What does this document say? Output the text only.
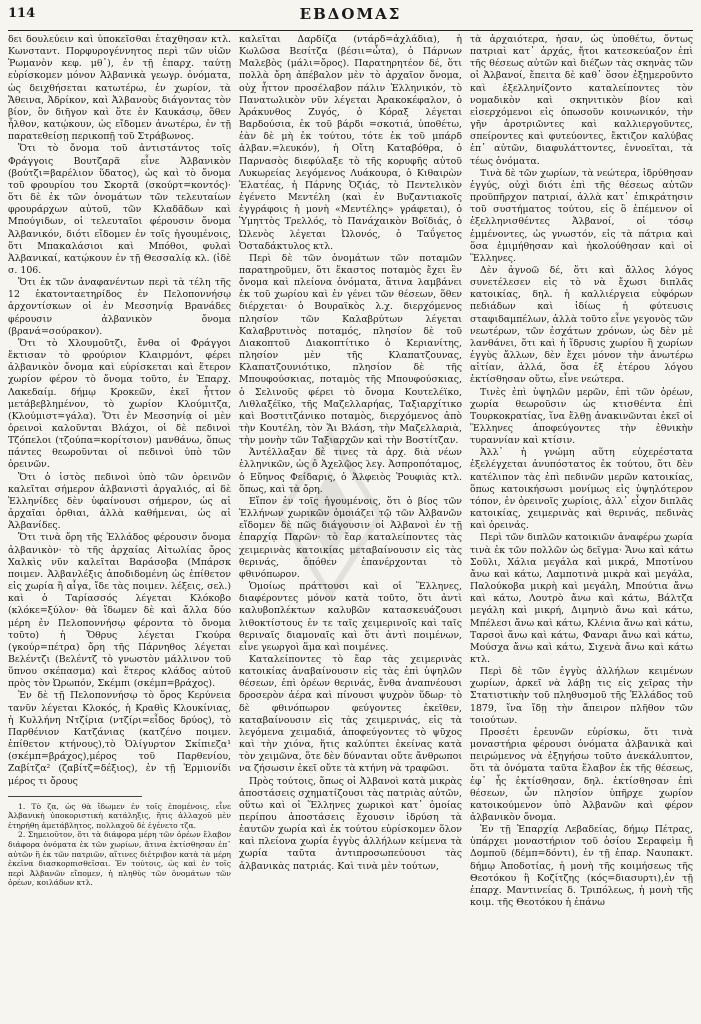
114	ΕΒΔΟΜΑΣ

δει δουλεύειν καὶ ὑποκεῖσθαι ἐταχθησαν κτλ. Κωνσταντ. Πορφυρογέννητος περὶ τῶν υἱῶν Ῥωμανὸν κεφ. μθ᾽), ἐν τῇ ἐπαρχ. ταύτῃ εὑρίσκομεν μόνον Ἀλβανικὰ γεωγρ. ὀνόματα, ὡς δειχθήσεται κατωτέρω, ἐν χωρίον, τὰ Ἄθεινα, Ἀδρίκον, καὶ Ἀλβανοὺς διάγοντας τὸν βίον, ὃν διῆγον καὶ ὅτε ἐν Καυκάσῳ, ὅθεν ἦλθον, κατῴκουν, ὡς εἴδομεν ἀνωτέρω, ἐν τῇ παρατεθείσῃ περικοπῇ τοῦ Στράβωνος.

Ὅτι τὸ ὄνομα τοῦ ἀντιστάντος τοῖς Φράγγοις Βουτζαρᾶ εἶνε Ἀλβανικὸν (βούτζι=βαρέλιον ὕδατος), ὡς καὶ τὸ ὄνομα τοῦ φρουρίου του Σκορτᾶ (σκούρτ=κοντός)· ὅτι δὲ ἐκ τῶν ὀνομάτων τῶν τελευταίων φρουράρχων αὐτοῦ, τῶν Κλαδᾶδων καὶ Μπούγιδων, οἱ τελευταῖοι φέρουσιν ὄνομα Ἀλβανικόν, διότι εἴδομεν ἐν τοῖς ἡγουμένοις, ὅτι Μπακαλάσιοι καὶ Μπόθοι, φυλαὶ Ἀλβανικαί, κατῴκουν ἐν τῇ Θεσσαλίᾳ κλ. (ἰδὲ σ. 106.

Ὅτι ἐκ τῶν ἀναφανέντων περὶ τὰ τέλη τῆς 12 ἑκατονταετηρίδος ἐν Πελοποννήσῳ ἀρχοντίσκων οἱ ἐν Μεσσηνίᾳ Βρανάδες φέρουσιν ἀλβανικὸν ὄνομα (βρανά=σούρακον).

Ὅτι τὸ Χλουμοῦτζι, ἔνθα οἱ Φράγγοι ἔκτισαν τὸ φρούριον Κλαιρμόντ, φέρει ἀλβανικὸν ὄνομα καὶ εὑρίσκεται καὶ ἕτερον χωρίον φέρον τὸ ὄνομα τοῦτο, ἐν Ἐπαρχ. Λακεδαίμ. δήμῳ Κροκεῶν, ἐκεῖ ἦττον μετάβεβλημένον, τὸ χωρίον Κλούμιτζα, (Κλούμιστ=γάλα). Ὅτι ἐν Μεσσηνίᾳ οἱ μὲν ὀρεινοὶ καλοῦνται Βλάχοι, οἱ δὲ πεδινοὶ Τζόπελοι (τζούπα=κορίτσιον) μανθάνω, ὅπως πάντες θεωροῦνται οἱ πεδινοὶ ὑπὸ τῶν ὀρεινῶν.

Ὅτι ὁ ἰστὸς πεδινοὶ ὑπὸ τῶν ὀρεινῶν καλεῖται σήμερον ἀλβανιστὶ ἀργαλιός, αἱ δὲ Ἑλληνίδες δὲν ὑφαίνουσι σήμερον, ὡς αἱ ἀρχαῖαι ὀρθιαι, ἀλλὰ καθήμεναι, ὡς αἱ Ἀλβανίδες.

Ὅτι τινὰ ὄρη τῆς Ἑλλάδος φέρουσιν ὄνομα ἀλβανικὸν· τὸ τῆς ἀρχαίας Αἰτωλίας ὄρος Χαλκὶς νῦν καλεῖται Βαράσοβα (Μπάρσκ ποιμεν. Ἀλβανλέξις ἀποδιδομένη ὡς ἐπίθετον εἰς χωρία ἢ αἶγα, ἴδε τὰς ποιμεν. λέξεις, σελ.) καὶ ὁ Ταρίασσός λέγεται Κλόκοβο (κλόκε=ξύλον· θὰ ἴδωμεν δὲ καὶ ἄλλα δύο μέρη ἐν Πελοποννήσῳ φέροντα τὸ ὄνομα τοῦτο) ἡ Ὄθρυς λέγεται Γκούρα (γκούρ=πέτρα) ὄρη τῆς Πάρνηθος λέγεται Βελέντζι (Βελέντζ τὸ γνωστὸν μάλλινον τοῦ ὕπνου σκέπασμα) καὶ ἕτερος κλάδος αὐτοῦ πρὸς τὸν Ὠρωπόν, Σκέμπι (σκέμπ=βράχος).

Ἐν δὲ τῇ Πελοποννήσῳ τὸ ὄρος Κερύνεια τανῦν λέγεται Κλοκός, ἡ Κραθὶς Κλουκίνιας, ἡ Κυλλήνη Ντζίρια (ντζίρι=εἶδος δρύος), τὸ Παρθένιον Κατζάνιας (κατζένο ποιμεν. ἐπίθετον κτήνους),τὸ Ὀλίγυρτον Σκίπιεζα¹ (σκέμπ=βράχος),μέρος τοῦ Παρθενίου, Ζαβίτζα² (ζαβίτζ=δέξιος), ἐν τῇ Ἑρμιονίδι μέρος τι ὄρους

1. Τὸ ζα, ὡς θὰ ἴδωμεν ἐν τοῖς ἑπομένοις, εἶνε Ἀλβανικὴ ὑποκοριστικὴ κατάληξις, ἥτις ἀλλαχοῦ μὲν ἐτηρήθη ἀμετάβλητος, πολλαχοῦ δὲ ἐγένετο τζα.

2. Σημειοῦτον, ὅτι τὰ διάφορα μέρη τῶν ὀρέων ἔλαβον διάφορα ὀνόματα ἐκ τῶν χωρίων, ἅτινα ἐκτίσθησαν ἐπ᾽ αὐτῶν ἢ ἐκ τῶν πατριῶν, αἵτινες διέτριβον κατὰ τὰ μέρη ἐκεῖνα διασκορπισθεῖσαι. Ἐν τούτοις, ὡς καὶ ἐν τοῖς περὶ Ἀλβανῶν εἴπομεν, ἡ πληθὺς τῶν ὀνομάτων τῶν ὀρέων, κοιλάδων κτλ.

καλεῖται Δαρδίζα (ντάρδ=ἀχλάδια), ἡ Κωλῶσα Βεσίτζα (βέσιι=ὦτα), ὁ Πάρνων Μαλεβὸς (μάλι=ὄρος). Παρατηρητέον δέ, ὅτι πολλὰ ὄρη ἀπέβαλον μὲν τὸ ἀρχαῖον ὄνομα, οὐχ ἧττον προσέλαβον πάλιν Ἑλληνικόν, τὸ Πανατωλικὸν νῦν λέγεται Ἀρακοκέφαλον, ὁ Ἀράκυνθος Ζυγός, ὁ Κόραξ λέγεται Βαρδούσια, ἐκ τοῦ βάρδι =σκοτιά, ὑποθέτω, ἐὰν δὲ μὴ ἐκ τούτου, τότε ἐκ τοῦ μπάρδ ἀλβαν.=λευκόν), ἡ Οἴτη Καταβόθρα, ὁ Παρνασὸς διεφύλαξε τὸ τῆς κορυφῆς αὐτοῦ Λυκωρείας λεγόμενος Λυάκουρα, ὁ Κιθαιρὼν Ἐλατέας, ἡ Πάρνης Ὀζιάς, τὸ Πεντελικὸν ἐγένετο Μεντέλη (καὶ ἐν Βυζαντιακοῖς ἐγγράφοις ἡ μονὴ «Μεντέλης» γράφεται), ὁ Ὑμηττὸς Τρελλός, τὸ Πανάχαικὸν Βοϊδιάς, ὁ Ὠλενὸς λέγεται Ὠλονός, ὁ Ταΰγετος Ὀσταδάκτυλος κτλ.

Περὶ δὲ τῶν ὀνομάτων τῶν ποταμῶν παρατηροῦμεν, ὅτι ἕκαστος ποταμὸς ἔχει ἓν ὄνομα καὶ πλείονα ὀνόματα, ἅτινα λαμβάνει ἐκ τοῦ χωρίου καὶ ἐν γένει τῶν θέσεων, ὅθεν διέρχεται· ὁ Βουραϊκὸς λ.χ. διερχόμενος πλησίον τῶν Καλαβρύτων λέγεται Καλαβρυτινὸς ποταμός, πλησίον δὲ τοῦ Διακοπτοῦ Διακοπτίτικο ὁ Κεριανίτης, πλησίον μὲν τῆς Κλαπατζουνας, Κλαπατζουνιότικο, πλησίον δὲ τῆς Μπουφούσκιας, ποταμὸς τῆς Μπουφούσκιας, ὁ Σελινοῦς φέρει τὸ ὄνομα Κουτελέϊκο, Λιθλαξέϊκο, τῆς Μαζελλαρήας, Ταξιαρχίτικο καὶ Βοστιτζάνικο ποταμὸς, διερχόμενος ἀπὸ τὴν Κουτέλη, τὸν Ἅι Βλάση, τὴν Μαζελλαριὰ, τὴν μονὴν τῶν Ταξιαρχῶν καὶ τὴν Βοστίτζαν.

Ἀντέλλαξαν δὲ τινες τὰ ἀρχ. διὰ νέων ἑλληνικῶν, ὡς ὁ Ἀχελῷος λεγ. Ἀσπροπόταμος, ὁ Εὔηνος Φείδαρις, ὁ Ἀλφειὸς Ῥουφιὰς κτλ. ὅπως, καὶ τὰ ὄρη.

Εἴπον ἐν τοῖς ἡγουμένοις, ὅτι ὁ βίος τῶν Ἑλλήνων χωρικῶν ὁμοιάζει τῷ τῶν Ἀλβανῶν εἴδομεν δὲ πῶς διάγουσιν οἱ Ἀλβανοὶ ἐν τῇ ἐπαρχίᾳ Παρῶν· τὸ ἔαρ καταλείποντες τὰς χειμερινὰς κατοικίας μεταβαίνουσιν εἰς τὰς θερινάς, ὁπόθεν ἐπανέρχονται τὸ φθινόπωρον.

Ὁμοίως πράττουσι καὶ οἱ Ἕλληνες, διαφέροντες μόνον κατὰ τοῦτο, ὅτι ἀντὶ καλυβοπλέκτων καλυβῶν κατασκευάζουσι λιθοκτίστους ἐν τε ταῖς χειμερινοῖς καὶ ταῖς θεριναῖς διαμοναῖς καὶ ὅτι ἀντὶ ποιμένων, εἶνε γεωργοὶ ἅμα καὶ ποιμένες.

Καταλείποντες τὸ ἔαρ τὰς χειμερινὰς κατοικίας ἀναβαίνουσιν εἰς τὰς ἐπὶ ὑψηλῶν θέσεων, ἐπὶ ὀρέων θερινάς, ἔνθα ἀναπνέουσι δροσερὸν ἀέρα καὶ πίνουσι ψυχρὸν ὕδωρ· τὸ δὲ φθινόπωρον φεύγοντες ἐκεῖθεν, καταβαίνουσιν εἰς τὰς χειμερινάς, εἰς τὰ λεγόμενα χειμαδιά, ἀποφεύγοντες τὸ ψῦχος καὶ τὴν χιόνα, ἥτις καλύπτει ἐκείνας κατὰ τὸν χειμῶνα, ὅτε δὲν δύνανται οὔτε ἄνθρωποι να ζήσωσιν ἐκεῖ οὔτε τὰ κτήνη νὰ τραφῶσι.

Πρὸς τούτοις, ὅπως οἱ Ἀλβανοὶ κατὰ μικρὰς ἀποστάσεις σχηματίζουσι τὰς πατριὰς αὐτῶν, οὕτω καὶ οἱ Ἕλληνες χωρικοὶ κατ᾽ ὁμοίας περίπου ἀποστάσεις ἔχουσιν ἱδρύση τὰ ἑαυτῶν χωρία καὶ ἐκ τούτου εὑρίσκομεν ὅλον καὶ πλείονα χωρία ἐγγὺς ἀλλήλων κείμενα τὰ χωρία ταῦτα ἀντιπροσωπεύουσι τὰς ἀλβανικὰς πατριάς. Καὶ τινὰ μὲν τούτων,

τὰ ἀρχαιότερα, ἦσαν, ὡς ὑποθέτω, ὄντως πατριαὶ κατ᾽ ἀρχάς, ἤτοι κατεσκεύαζον ἐπὶ τῆς θέσεως αὐτῶν καὶ διέζων τὰς σκηνὰς τῶν οἱ Ἀλβανοί, ἔπειτα δὲ καθ᾽ ὅσον ἐξημεροῦντο καὶ ἐξελληνίζοντο καταλείποντες τὸν νομαδικὸν καὶ σκηνιτικὸν βίον καὶ εἰσερχόμενοι εἰς ὁπωσοῦν κοινωνικόν, τὴν γῆν ἀροτριῶντες καὶ καλλιεργοῦντες, σπείροντες καὶ φυτεύοντες, ἔκτιζον καλύβας ἐπ᾽ αὐτῶν, διαφυλάττοντες, ἐννοεῖται, τὰ τέως ὀνόματα.

Τινὰ δὲ τῶν χωρίων, τὰ νεώτερα, ἱδρύθησαν ἐγγύς, οὐχὶ διότι ἐπὶ τῆς θέσεως αὐτῶν προϋπῆρχον πατριαί, ἀλλὰ κατ᾽ ἐπικράτησιν τοῦ συστήματος τούτου, εἰς ὃ ἐπέμενον οἱ ἐξελληνισθέντες Ἀλβανοί, οἱ τόσῳ ἐμμένοντες, ὡς γνωστόν, εἰς τὰ πάτρια καὶ ὅσα ἐμιμήθησαν καὶ ἠκολούθησαν καὶ οἱ Ἕλληνες.

Δὲν ἀγνοῶ δέ, ὅτι καὶ ἄλλος λόγος συνετέλεσεν εἰς τὸ νὰ ἔχωσι διπλᾶς κατοικίας, δηλ. ἡ καλλιέργεια εὐφόρων πεδιάδων καὶ ἰδίως ἡ φύτευσις σταφιδαμπέλων, ἀλλὰ τοῦτο εἶνε γεγονὸς τῶν νεωτέρων, τῶν ἐσχάτων χρόνων, ὡς δὲν μὲ λανθάνει, ὅτι καὶ ἡ ἵδρυσις χωρίου ἢ χωρίων ἐγγὺς ἄλλων, δὲν ἔχει μόνον τὴν ἀνωτέρω αἰτίαν, ἀλλά, ὅσα ἐξ ἑτέρου λόγου ἐκτίσθησαν οὕτω, εἶνε νεώτερα.

Τινὲς ἐπὶ ὑψηλῶν μερῶν, ἐπὶ τῶν ὀρέων, χωρία θεωροῦσιν ὡς κτισθέντα ἐπὶ Τουρκοκρατίας, ἵνα ἔλθῃ ἀνακινῶνται ἐκεῖ οἱ Ἕλληνες ἀποφεύγοντες τὴν ἐθνικὴν τυραννίαν καὶ κτίσιν.

Ἀλλ᾽ ἡ γνώμη αὕτη εὐχερέστατα ἐξελέγχεται ἀνυπόστατος ἐκ τούτου, ὅτι δὲν κατέλιπον τὰς ἐπὶ πεδινῶν μερῶν κατοικίας, ὅπως κατοικήσωσι μονίμως εἰς ὑψηλότερον τόπον, ἐν ὀρεινοῖς χωρίοις, ἀλλ᾽ εἶχον διπλᾶς κατοικίας, χειμερινὰς καὶ θερινάς, πεδινὰς καὶ ὀρεινάς.

Περὶ τῶν διπλῶν κατοικιῶν ἀναφέρω χωρία τινὰ ἐκ τῶν πολλῶν ὡς δεῖγμα· Ἄνω καὶ κάτω Σοῦλι, Χάλια μεγάλα καὶ μικρά, Μποτίνου ἄνω καὶ κάτω, Λαμποτινὰ μικρὰ καὶ μεγάλα, Παλούκοβα μικρὴ καὶ μεγάλη, Μπούτια ἄνω καὶ κάτω, Λουτρὸ ἄνω καὶ κάτω, Βάλτζα μεγάλη καὶ μικρή, Διμηνιὸ ἄνω καὶ κάτω, Μπέλεσι ἄνω καὶ κάτω, Κλένια ἄνω καὶ κάτω, Ταρσοὶ ἄνω καὶ κάτω, Φαναρι ἄνω καὶ κάτω, Μούσχα ἄνω καὶ κάτω, Σιχενὰ ἄνω καὶ κάτω κτλ.

Περὶ δὲ τῶν ἐγγὺς ἀλλήλων κειμένων χωρίων, ἀρκεῖ νὰ λάβῃ τις εἰς χεῖρας τὴν Στατιστικὴν τοῦ πληθυσμοῦ τῆς Ἑλλάδος τοῦ 1879, ἵνα ἴδῃ τὴν ἄπειρον πλῆθον τῶν τοιούτων.

Προσέτι ἐρευνῶν εὑρίσκω, ὅτι τινὰ μοναστήρια φέρουσι ὀνόματα ἀλβανικὰ καὶ πειρώμενος νὰ ἐξηγήσω τοῦτο ἀνεκάλυπτον, ὅτι τὰ ὀνόματα ταῦτα ἔλαβον ἐκ τῆς θέσεως, ἐφ᾽ ἧς ἐκτίσθησαν, δηλ. ἐκτίσθησαν ἐπὶ θέσεων, ὧν πλησίον ὑπῆρχε χωρίον κατοικούμενον ὑπὸ Ἀλβανῶν καὶ φέρον ἀλβανικὸν ὄνομα.

Ἐν τῇ Ἐπαρχίᾳ Λεβαδείας, δήμῳ Πέτρας, ὑπάρχει μοναστήριον τοῦ ὁσίου Σεραφεὶμ ἢ Δομποῦ (δέμπ=δόντι), ἐν τῇ ἐπαρ. Ναυπακτ. δήμῳ Ἀποδοτίας, ἡ μονὴ τῆς κοιμήσεως τῆς Θεοτόκου ἢ Κοζίτζης (κός=διασυρτι),ἐν τῇ ἐπαρχ. Μαντινείας δ. Τριπόλεως, ἡ μονὴ τῆς κοιμ. τῆς Θεοτόκου ἡ ἐπάνω
